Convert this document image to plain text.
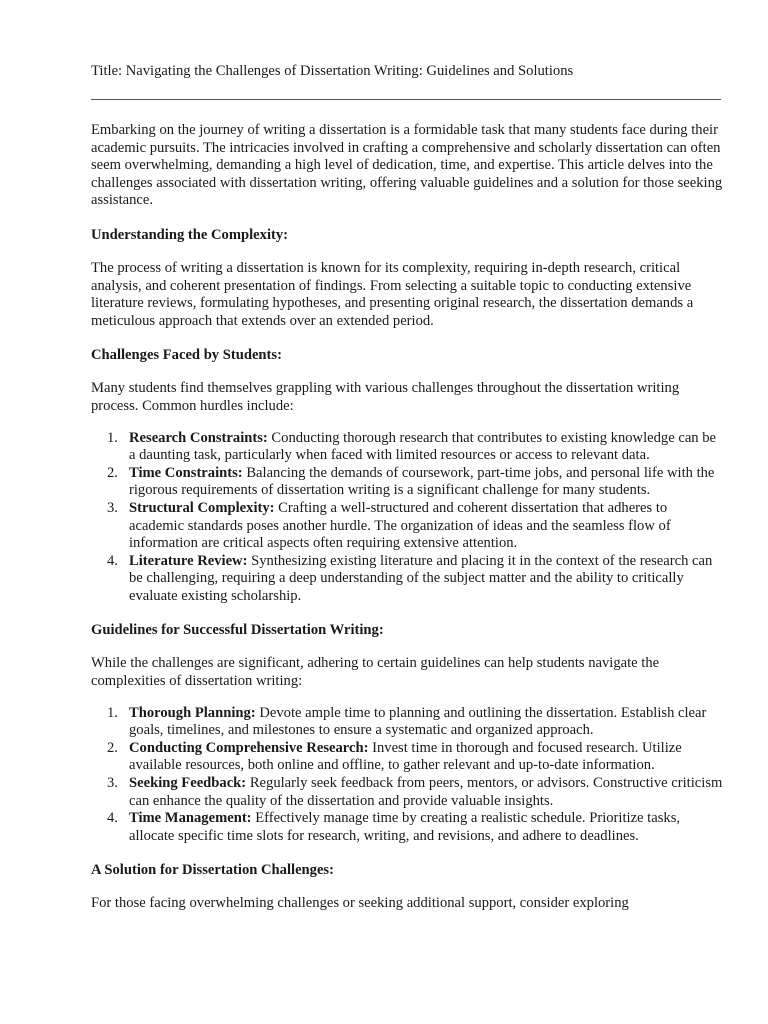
Title: Navigating the Challenges of Dissertation Writing: Guidelines and Solutions

Embarking on the journey of writing a dissertation is a formidable task that many students face during their academic pursuits. The intricacies involved in crafting a comprehensive and scholarly dissertation can often seem overwhelming, demanding a high level of dedication, time, and expertise. This article delves into the challenges associated with dissertation writing, offering valuable guidelines and a solution for those seeking assistance.

Understanding the Complexity:

The process of writing a dissertation is known for its complexity, requiring in-depth research, critical analysis, and coherent presentation of findings. From selecting a suitable topic to conducting extensive literature reviews, formulating hypotheses, and presenting original research, the dissertation demands a meticulous approach that extends over an extended period.

Challenges Faced by Students:

Many students find themselves grappling with various challenges throughout the dissertation writing process. Common hurdles include:

1. Research Constraints: Conducting thorough research that contributes to existing knowledge can be a daunting task, particularly when faced with limited resources or access to relevant data.
2. Time Constraints: Balancing the demands of coursework, part-time jobs, and personal life with the rigorous requirements of dissertation writing is a significant challenge for many students.
3. Structural Complexity: Crafting a well-structured and coherent dissertation that adheres to academic standards poses another hurdle. The organization of ideas and the seamless flow of information are critical aspects often requiring extensive attention.
4. Literature Review: Synthesizing existing literature and placing it in the context of the research can be challenging, requiring a deep understanding of the subject matter and the ability to critically evaluate existing scholarship.
Guidelines for Successful Dissertation Writing:

While the challenges are significant, adhering to certain guidelines can help students navigate the complexities of dissertation writing:

1. Thorough Planning: Devote ample time to planning and outlining the dissertation. Establish clear goals, timelines, and milestones to ensure a systematic and organized approach.
2. Conducting Comprehensive Research: Invest time in thorough and focused research. Utilize available resources, both online and offline, to gather relevant and up-to-date information.
3. Seeking Feedback: Regularly seek feedback from peers, mentors, or advisors. Constructive criticism can enhance the quality of the dissertation and provide valuable insights.
4. Time Management: Effectively manage time by creating a realistic schedule. Prioritize tasks, allocate specific time slots for research, writing, and revisions, and adhere to deadlines.
A Solution for Dissertation Challenges:

For those facing overwhelming challenges or seeking additional support, consider exploring
